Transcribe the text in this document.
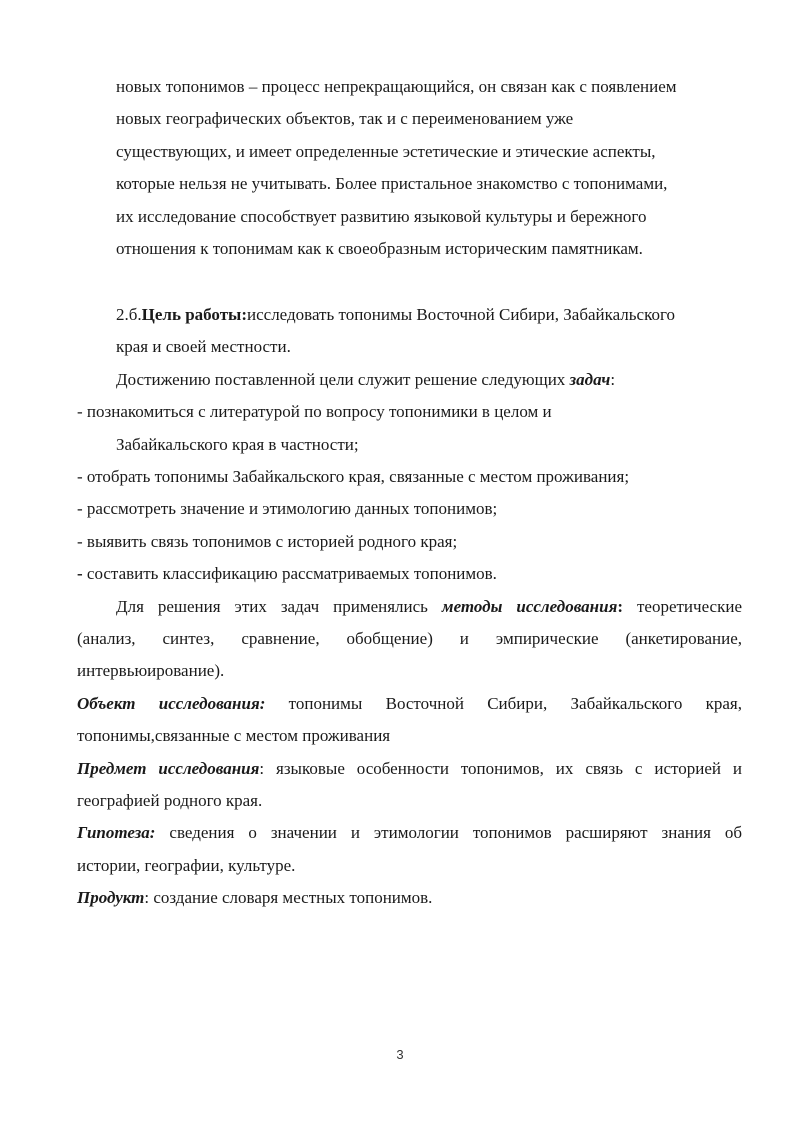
новых топонимов – процесс непрекращающийся, он связан как с появлением
новых географических объектов, так и с переименованием уже
существующих, и имеет определенные эстетические и этические аспекты,
которые нельзя не учитывать. Более пристальное знакомство с топонимами,
их исследование способствует развитию языковой культуры и бережного
отношения к топонимам как к своеобразным историческим памятникам.
2.б.Цель работы:исследовать топонимы Восточной Сибири, Забайкальского
края и своей местности.
Достижению поставленной цели служит решение следующих задач:
- познакомиться с литературой по вопросу топонимики в целом и
Забайкальского края в частности;
- отобрать топонимы Забайкальского края, связанные с местом проживания;
- рассмотреть значение и этимологию данных топонимов;
- выявить связь топонимов с историей родного края;
- составить классификацию рассматриваемых топонимов.
Для решения этих задач применялись методы исследования: теоретические
(анализ, синтез, сравнение, обобщение) и эмпирические (анкетирование,
интервьюирование).
Объект исследования: топонимы Восточной Сибири, Забайкальского края,
топонимы,связанные с местом проживания
Предмет исследования: языковые особенности топонимов, их связь с историей и
географией родного края.
Гипотеза: сведения о значении и этимологии топонимов расширяют знания об
истории, географии, культуре.
Продукт: создание словаря местных топонимов.
3
